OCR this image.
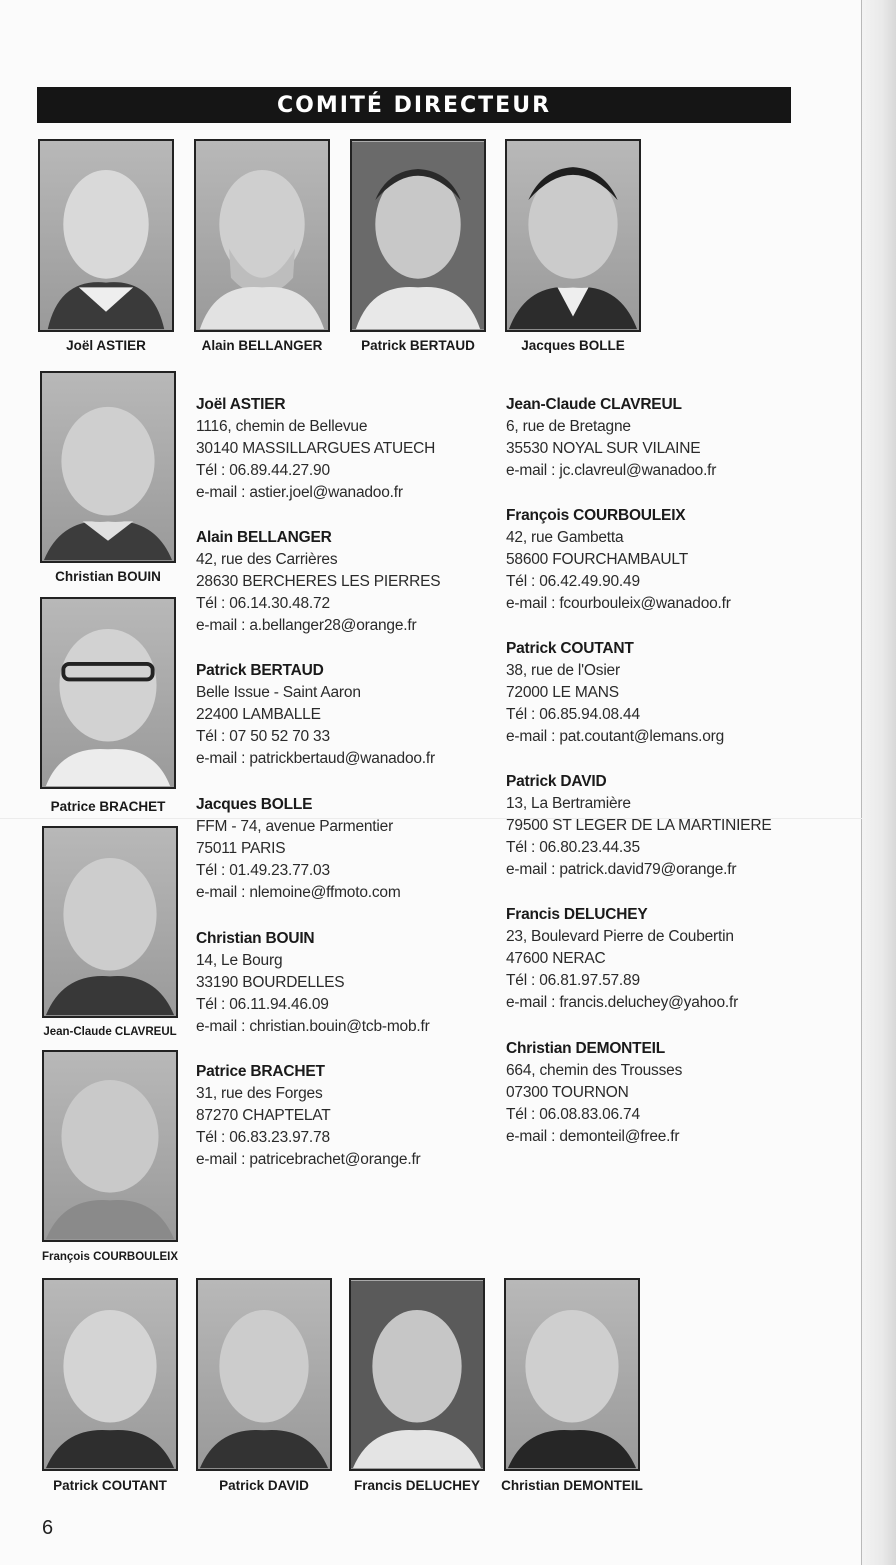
COMITÉ DIRECTEUR
Joël ASTIER	Alain BELLANGER	Patrick BERTAUD	Jacques BOLLE
Christian BOUIN
Patrice BRACHET
Jean-Claude CLAVREUL
François COURBOULEIX
Patrick COUTANT	Patrick DAVID	Francis DELUCHEY	Christian DEMONTEIL
Joël ASTIER
1116, chemin de Bellevue
30140 MASSILLARGUES ATUECH
Tél : 06.89.44.27.90
e-mail : astier.joel@wanadoo.fr
Alain BELLANGER
42, rue des Carrières
28630 BERCHERES LES PIERRES
Tél : 06.14.30.48.72
e-mail : a.bellanger28@orange.fr
Patrick BERTAUD
Belle Issue - Saint Aaron
22400 LAMBALLE
Tél : 07 50 52 70 33
e-mail : patrickbertaud@wanadoo.fr
Jacques BOLLE
FFM - 74, avenue Parmentier
75011 PARIS
Tél : 01.49.23.77.03
e-mail : nlemoine@ffmoto.com
Christian BOUIN
14, Le Bourg
33190 BOURDELLES
Tél : 06.11.94.46.09
e-mail : christian.bouin@tcb-mob.fr
Patrice BRACHET
31, rue des Forges
87270 CHAPTELAT
Tél : 06.83.23.97.78
e-mail : patricebrachet@orange.fr
Jean-Claude CLAVREUL
6, rue de Bretagne
35530 NOYAL SUR VILAINE
e-mail : jc.clavreul@wanadoo.fr
François COURBOULEIX
42, rue Gambetta
58600 FOURCHAMBAULT
Tél : 06.42.49.90.49
e-mail : fcourbouleix@wanadoo.fr
Patrick COUTANT
38, rue de l'Osier
72000 LE MANS
Tél : 06.85.94.08.44
e-mail : pat.coutant@lemans.org
Patrick DAVID
13, La Bertramière
79500 ST LEGER DE LA MARTINIERE
Tél : 06.80.23.44.35
e-mail : patrick.david79@orange.fr
Francis DELUCHEY
23, Boulevard Pierre de Coubertin
47600 NERAC
Tél : 06.81.97.57.89
e-mail : francis.deluchey@yahoo.fr
Christian DEMONTEIL
664, chemin des Trousses
07300 TOURNON
Tél : 06.08.83.06.74
e-mail : demonteil@free.fr
6
